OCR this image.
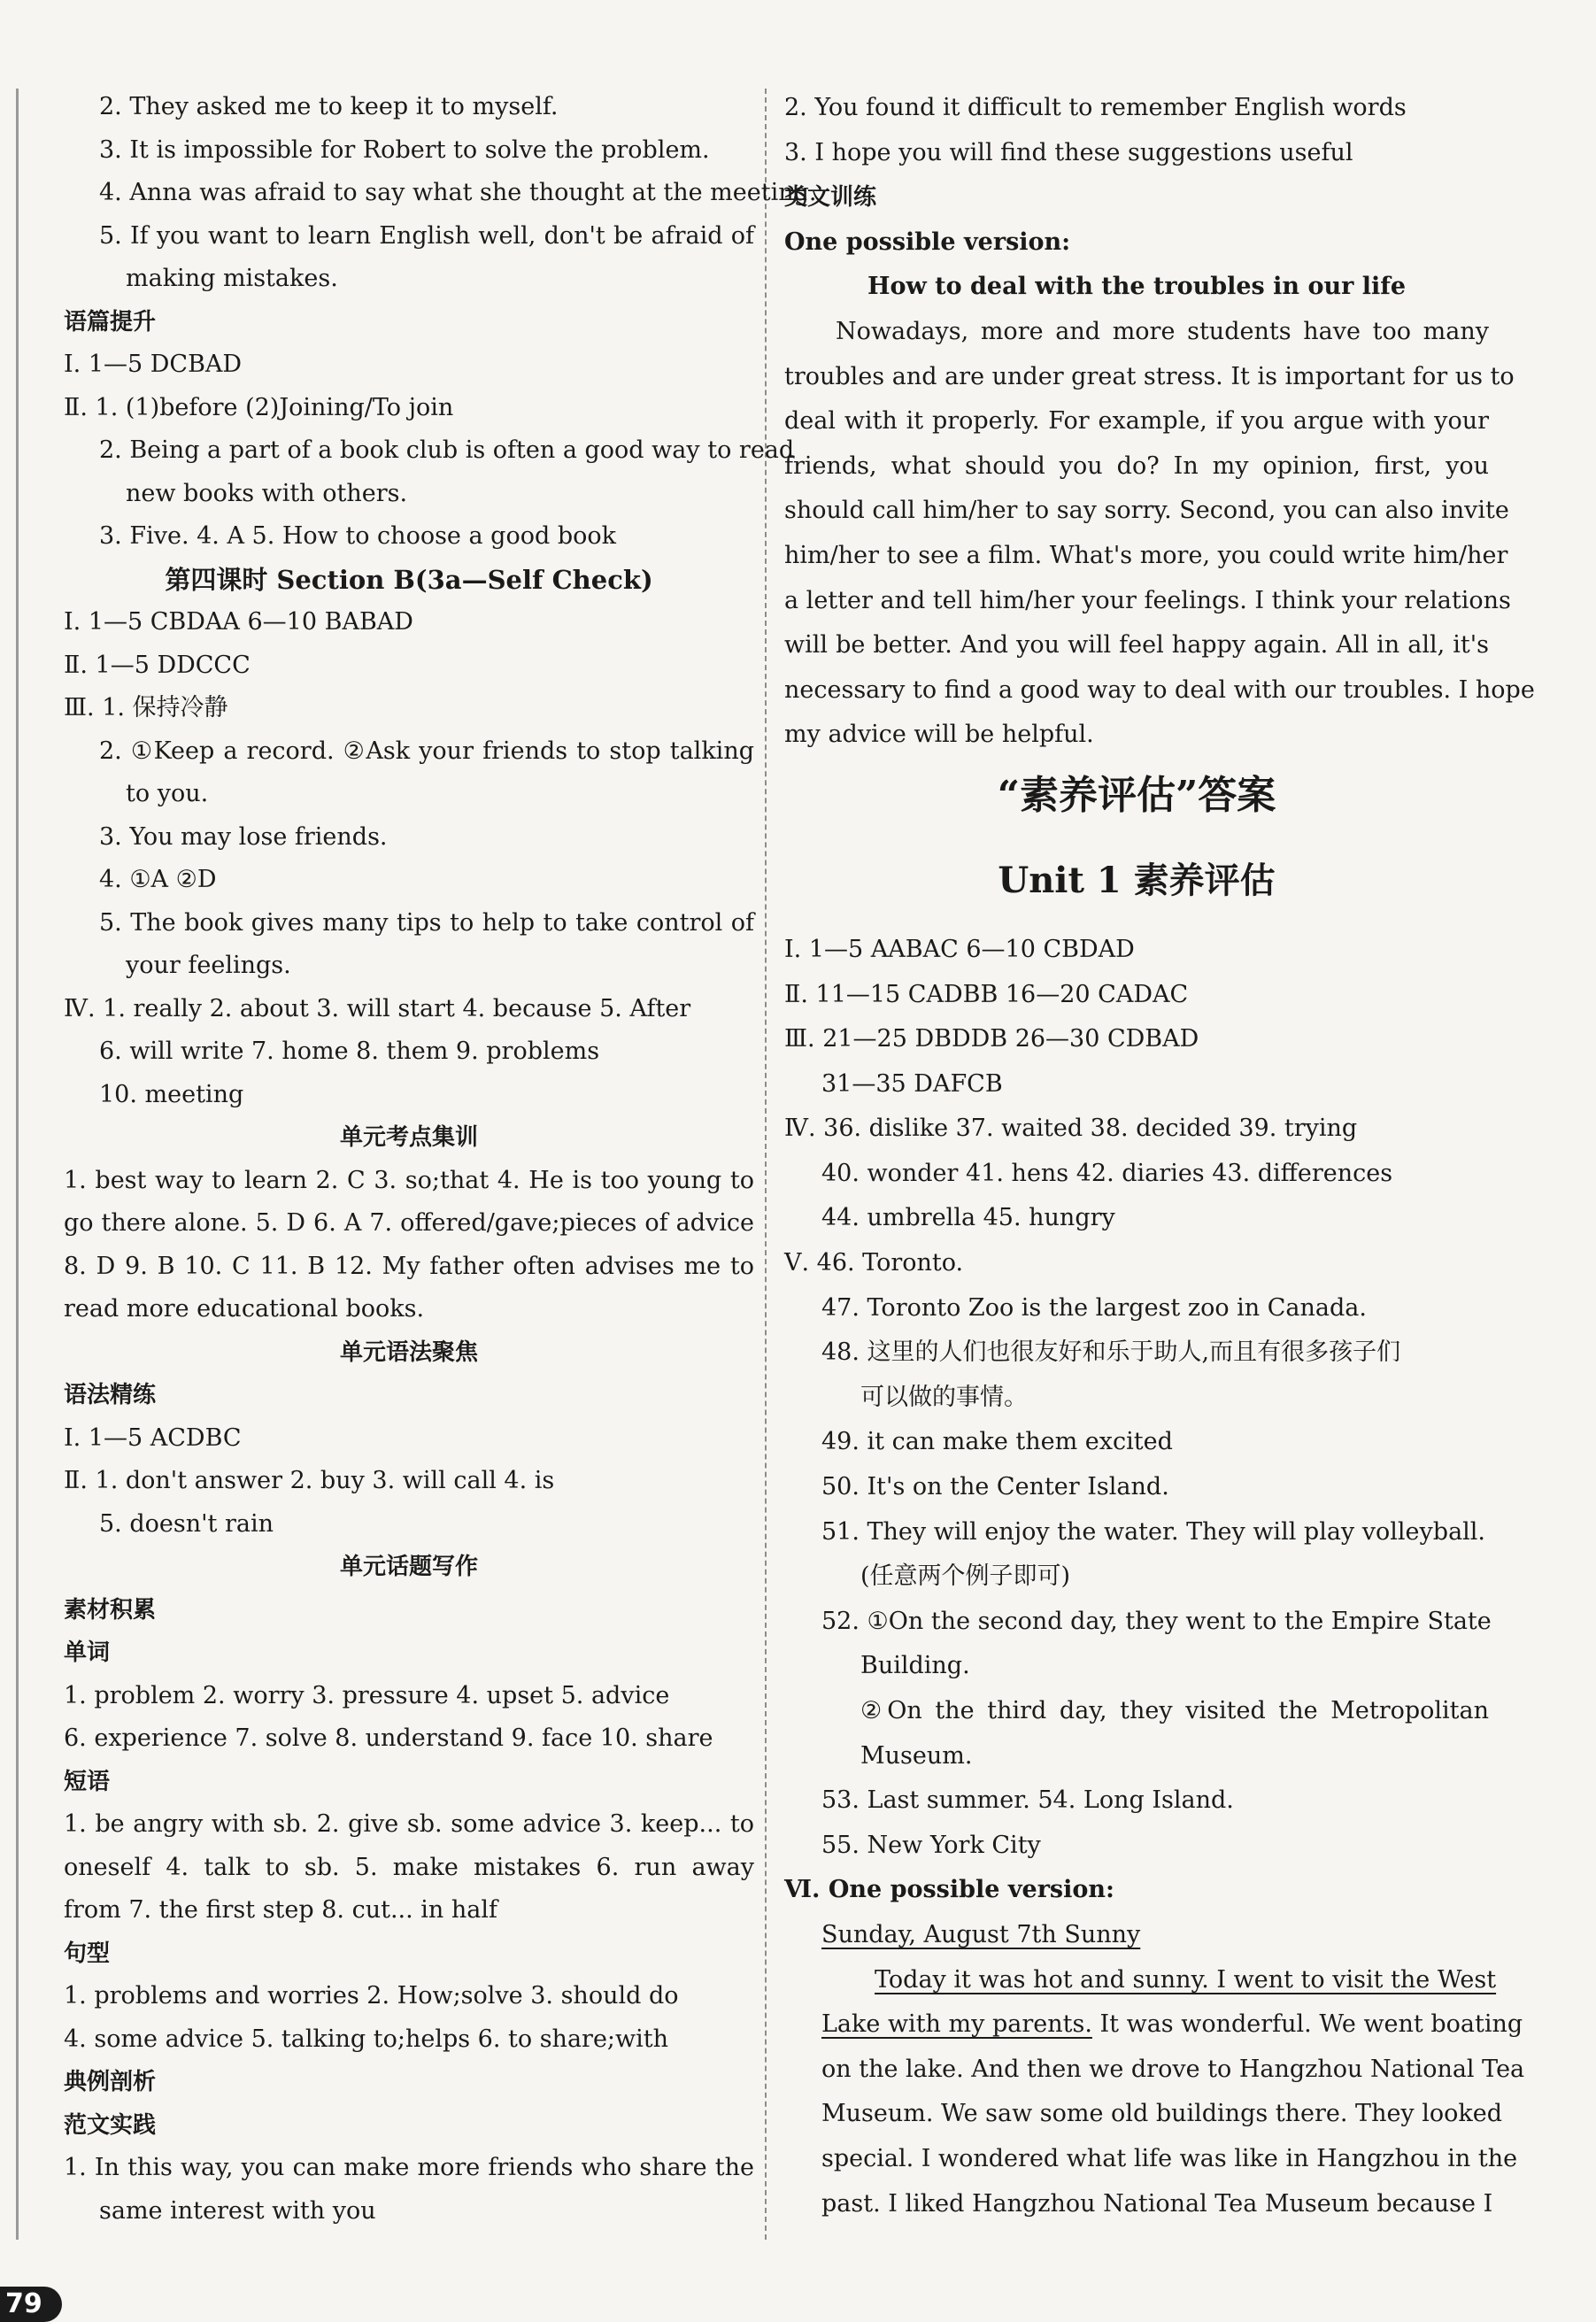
2. They asked me to keep it to myself.
3. It is impossible for Robert to solve the problem.
4. Anna was afraid to say what she thought at the meeting.
5. If you want to learn English well, don't be afraid of
making mistakes.
语篇提升
Ⅰ. 1—5 DCBAD
Ⅱ. 1. (1)before (2)Joining/To join
2. Being a part of a book club is often a good way to read
new books with others.
3. Five. 4. A 5. How to choose a good book
第四课时 Section B(3a—Self Check)
Ⅰ. 1—5 CBDAA 6—10 BABAD
Ⅱ. 1—5 DDCCC
Ⅲ. 1. 保持冷静
2. ①Keep a record. ②Ask your friends to stop talking
to you.
3. You may lose friends.
4. ①A ②D
5. The book gives many tips to help to take control of
your feelings.
Ⅳ. 1. really 2. about 3. will start 4. because 5. After
6. will write 7. home 8. them 9. problems
10. meeting
单元考点集训
1. best way to learn 2. C 3. so;that 4. He is too young to
go there alone. 5. D 6. A 7. offered/gave;pieces of advice
8. D 9. B 10. C 11. B 12. My father often advises me to
read more educational books.
单元语法聚焦
语法精练
Ⅰ. 1—5 ACDBC
Ⅱ. 1. don't answer 2. buy 3. will call 4. is
5. doesn't rain
单元话题写作
素材积累
单词
1. problem 2. worry 3. pressure 4. upset 5. advice
6. experience 7. solve 8. understand 9. face 10. share
短语
1. be angry with sb. 2. give sb. some advice 3. keep... to
oneself 4. talk to sb. 5. make mistakes 6. run away
from 7. the first step 8. cut... in half
句型
1. problems and worries 2. How;solve 3. should do
4. some advice 5. talking to;helps 6. to share;with
典例剖析
范文实践
1. In this way, you can make more friends who share the
same interest with you
2. You found it difficult to remember English words
3. I hope you will find these suggestions useful
类文训练
One possible version:
How to deal with the troubles in our life
Nowadays, more and more students have too many
troubles and are under great stress. It is important for us to
deal with it properly. For example, if you argue with your
friends, what should you do? In my opinion, first, you
should call him/her to say sorry. Second, you can also invite
him/her to see a film. What's more, you could write him/her
a letter and tell him/her your feelings. I think your relations
will be better. And you will feel happy again. All in all, it's
necessary to find a good way to deal with our troubles. I hope
my advice will be helpful.
“素养评估”答案
Unit 1 素养评估
Ⅰ. 1—5 AABAC 6—10 CBDAD
Ⅱ. 11—15 CADBB 16—20 CADAC
Ⅲ. 21—25 DBDDB 26—30 CDBAD
31—35 DAFCB
Ⅳ. 36. dislike 37. waited 38. decided 39. trying
40. wonder 41. hens 42. diaries 43. differences
44. umbrella 45. hungry
Ⅴ. 46. Toronto.
47. Toronto Zoo is the largest zoo in Canada.
48. 这里的人们也很友好和乐于助人,而且有很多孩子们
可以做的事情。
49. it can make them excited
50. It's on the Center Island.
51. They will enjoy the water. They will play volleyball.
(任意两个例子即可)
52. ①On the second day, they went to the Empire State
Building.
②On the third day, they visited the Metropolitan
Museum.
53. Last summer. 54. Long Island.
55. New York City
Ⅵ. One possible version:
Sunday, August 7th Sunny
Today it was hot and sunny. I went to visit the West
Lake with my parents. It was wonderful. We went boating
on the lake. And then we drove to Hangzhou National Tea
Museum. We saw some old buildings there. They looked
special. I wondered what life was like in Hangzhou in the
past. I liked Hangzhou National Tea Museum because I
79
